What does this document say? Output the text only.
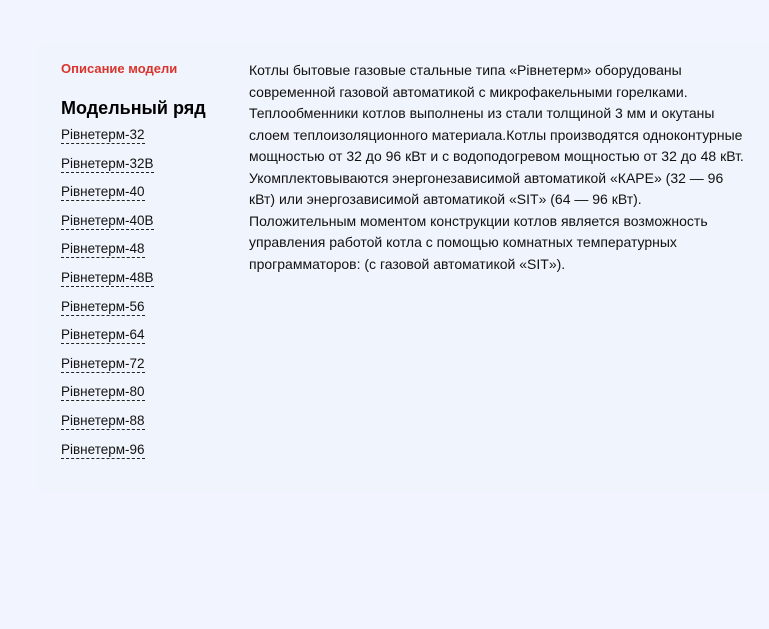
Описание модели
Модельный ряд
Рівнетерм-32
Рівнетерм-32В
Рівнетерм-40
Рівнетерм-40В
Рівнетерм-48
Рівнетерм-48В
Рівнетерм-56
Рівнетерм-64
Рівнетерм-72
Рівнетерм-80
Рівнетерм-88
Рівнетерм-96

Котлы бытовые газовые стальные типа «Рівнетерм» оборудованы

современной газовой автоматикой с микрофакельными горелками.

Теплообменники котлов выполнены из стали толщиной 3 мм и окутаны

слоем теплоизоляционного материала.Котлы производятся одноконтурные

мощностью от 32 до 96 кВт и с водоподогревом мощностью от 32 до 48 кВт.

Укомплектовываются энергонезависимой автоматикой «КАРЕ» (32 — 96

кВт) или энергозависимой автоматикой «SIT» (64 — 96 кВт).

Положительным моментом конструкции котлов является возможность

управления работой котла с помощью комнатных температурных

программаторов: (с газовой автоматикой «SIT»).
